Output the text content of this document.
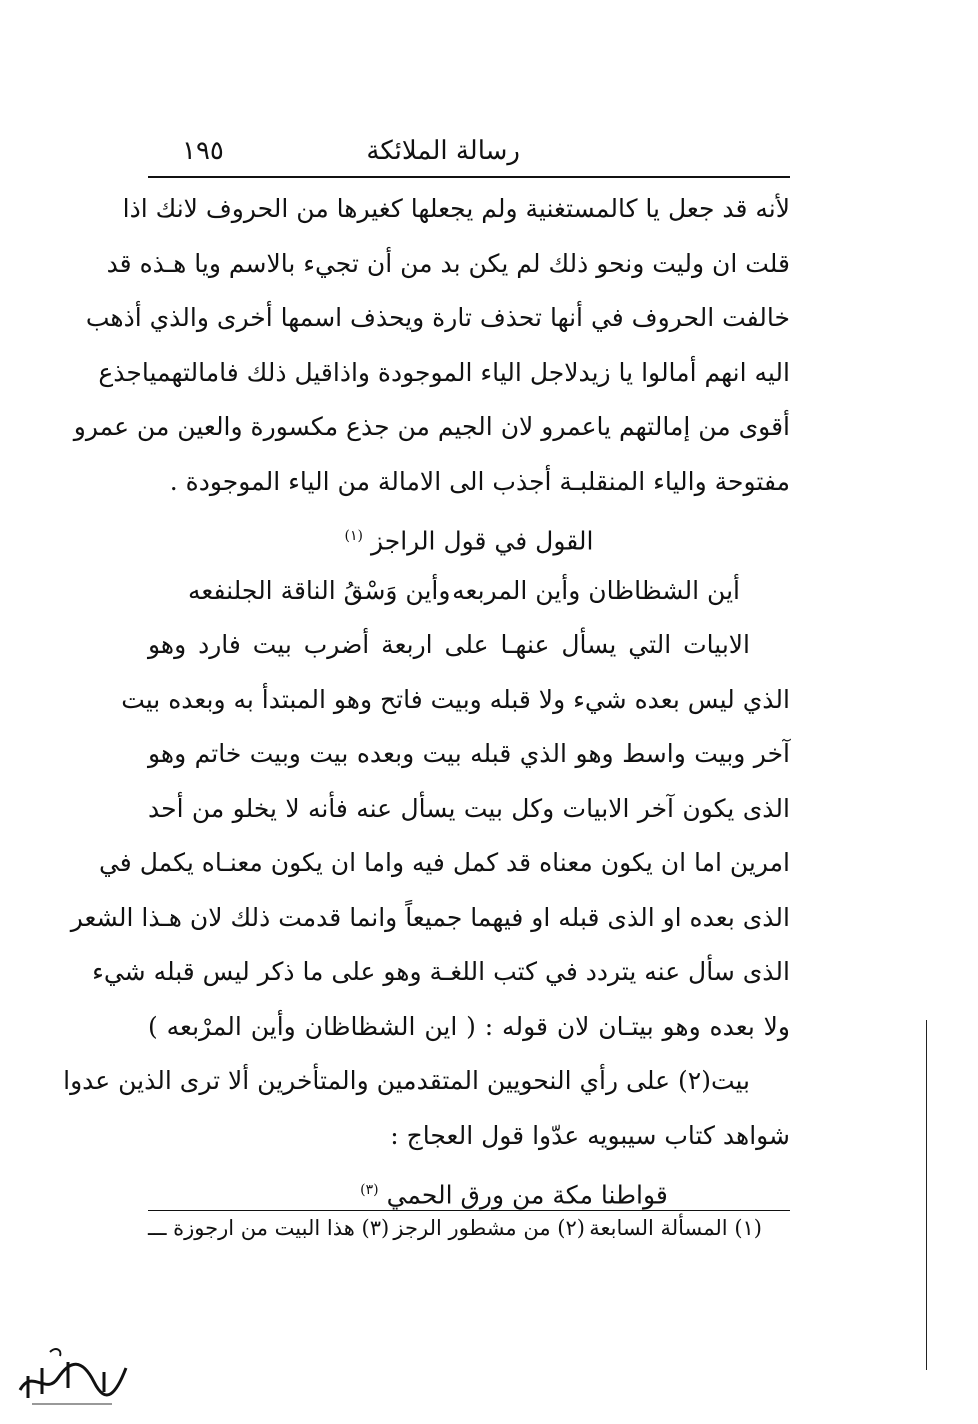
رسالة الملائكة
١٩٥
لأنه قد جعل يا كالمستغنية ولم يجعلها كغيرها من الحروف لانك اذا
قلت ان وليت ونحو ذلك لم يكن بد من أن تجيء بالاسم ويا هـذه قد
خالفت الحروف في أنها تحذف تارة ويحذف اسمها أخرى والذي أذهب
اليه انهم أمالوا يا زيدلاجل الياء الموجودة واذاقيل ذلك فامالتهمياجذع
أقوى من إمالتهم ياعمرو لان الجيم من جذع مكسورة والعين من عمرو
مفتوحة والياء المنقلبـة أجذب الى الامالة من الياء الموجودة .
القول في قول الراجز $^{(١)}$
أين الشظاظان وأين المربعه
وأين وَسْقُ الناقة الجلنفعه
الابيات التي يسأل عنهـا على اربعة أضرب بيت فارد وهو
الذي ليس بعده شيء ولا قبله وبيت فاتح وهو المبتدأ به وبعده بيت
آخر وبيت واسط وهو الذي قبله بيت وبعده بيت وبيت خاتم وهو
الذى يكون آخر الابيات وكل بيت يسأل عنه فأنه لا يخلو من أحد
امرين اما ان يكون معناه قد كمل فيه واما ان يكون معنـاه يكمل في
الذى بعده او الذى قبله او فيهما جميعاً وانما قدمت ذلك لان هـذا الشعر
الذى سأل عنه يتردد في كتب اللغـة وهو على ما ذكر ليس قبله شيء
ولا بعده وهو بيتـان لان قوله : ( اين الشظاظان وأين المرْبعه )
بيت(٢) على رأي النحويين المتقدمين والمتأخرين ألا ترى الذين عدوا
شواهد كتاب سيبويه عدّوا قول العجاج :
قواطنا مكة من ورق الحمي $^{(٣)}$
(١) المسألة السابعة
(٢) من مشطور الرجز
(٣) هذا البيت من ارجوزة ـــ
